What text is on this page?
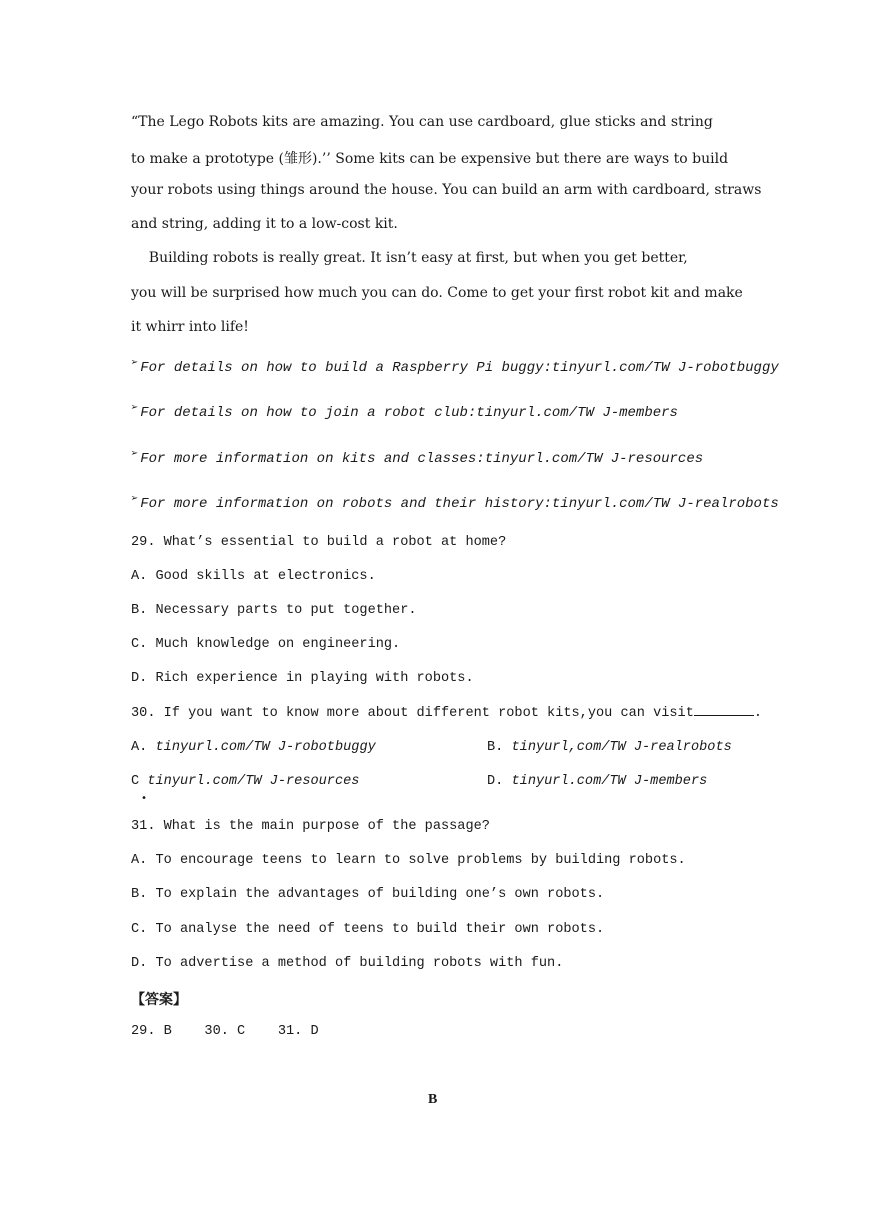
“The Lego Robots kits are amazing. You can use cardboard, glue sticks and string
to make a prototype (雏形).’’ Some kits can be expensive but there are ways to build
your robots using things around the house. You can build an arm with cardboard, straws
and string, adding it to a low-cost kit.
Building robots is really great. It isn’t easy at first, but when you get better,
you will be surprised how much you can do. Come to get your first robot kit and make
it whirr into life!
➢ For details on how to build a Raspberry Pi buggy:tinyurl.com/TW J-robotbuggy
➢ For details on how to join a robot club:tinyurl.com/TW J-members
➢ For more information on kits and classes:tinyurl.com/TW J-resources
➢ For more information on robots and their history:tinyurl.com/TW J-realrobots
29. What’s essential to build a robot at home?
A. Good skills at electronics.
B. Necessary parts to put together.
C. Much knowledge on engineering.
D. Rich experience in playing with robots.
30. If you want to know more about different robot kits,you can visit	.
A. tinyurl.com/TW J-robotbuggy	B. tinyurl,com/TW J-realrobots
C tinyurl.com/TW J-resources
•
D. tinyurl.com/TW J-members
31. What is the main purpose of the passage?
A. To encourage teens to learn to solve problems by building robots.
B. To explain the advantages of building one’s own robots.
C. To analyse the need of teens to build their own robots.
D. To advertise a method of building robots with fun.
【答案】
29. B    30. C    31. D
B
